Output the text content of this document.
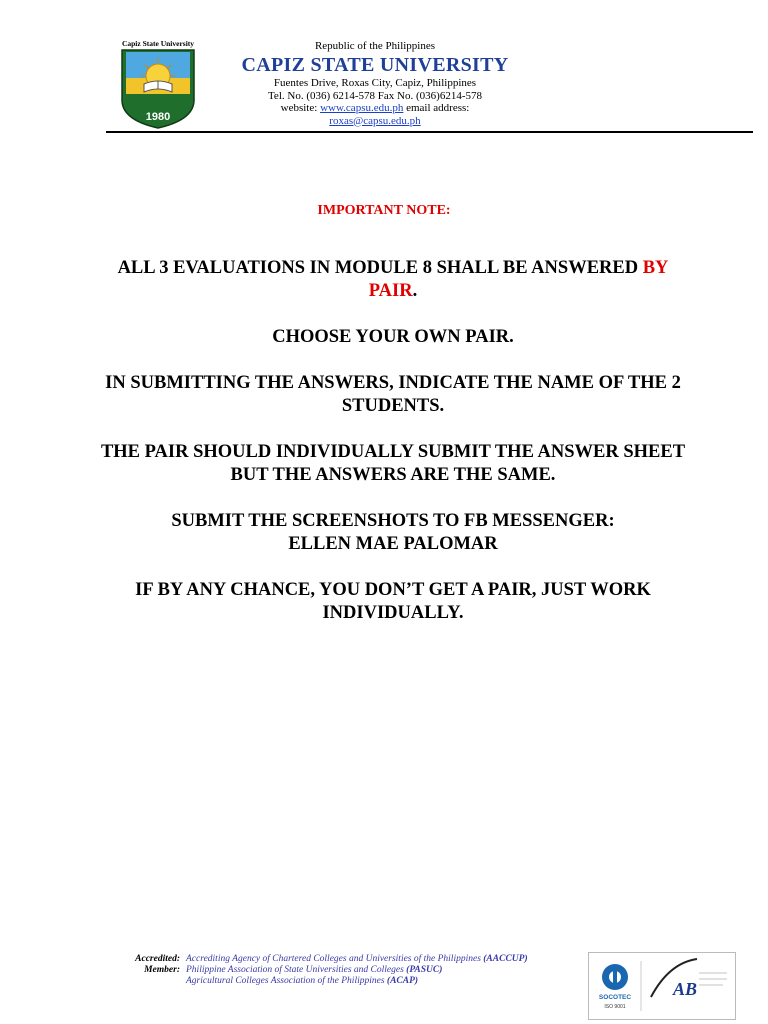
Capiz State University
1980
Republic of the Philippines
CAPIZ STATE UNIVERSITY
Fuentes Drive, Roxas City, Capiz, Philippines
Tel. No. (036) 6214-578 Fax No. (036)6214-578
website: www.capsu.edu.ph email address:
roxas@capsu.edu.ph
IMPORTANT NOTE:

ALL 3 EVALUATIONS IN MODULE 8 SHALL BE ANSWERED BY PAIR.

CHOOSE YOUR OWN PAIR.

IN SUBMITTING THE ANSWERS, INDICATE THE NAME OF THE 2 STUDENTS.

THE PAIR SHOULD INDIVIDUALLY SUBMIT THE ANSWER SHEET BUT THE ANSWERS ARE THE SAME.

SUBMIT THE SCREENSHOTS TO FB MESSENGER:
ELLEN MAE PALOMAR

IF BY ANY CHANCE, YOU DON’T GET A PAIR, JUST WORK INDIVIDUALLY.

Accredited: Accrediting Agency of Chartered Colleges and Universities of the Philippines (AACCUP)
Member: Philippine Association of State Universities and Colleges (PASUC)
Agricultural Colleges Association of the Philippines (ACAP)
SOCOTEC
ISO 9001
AB
